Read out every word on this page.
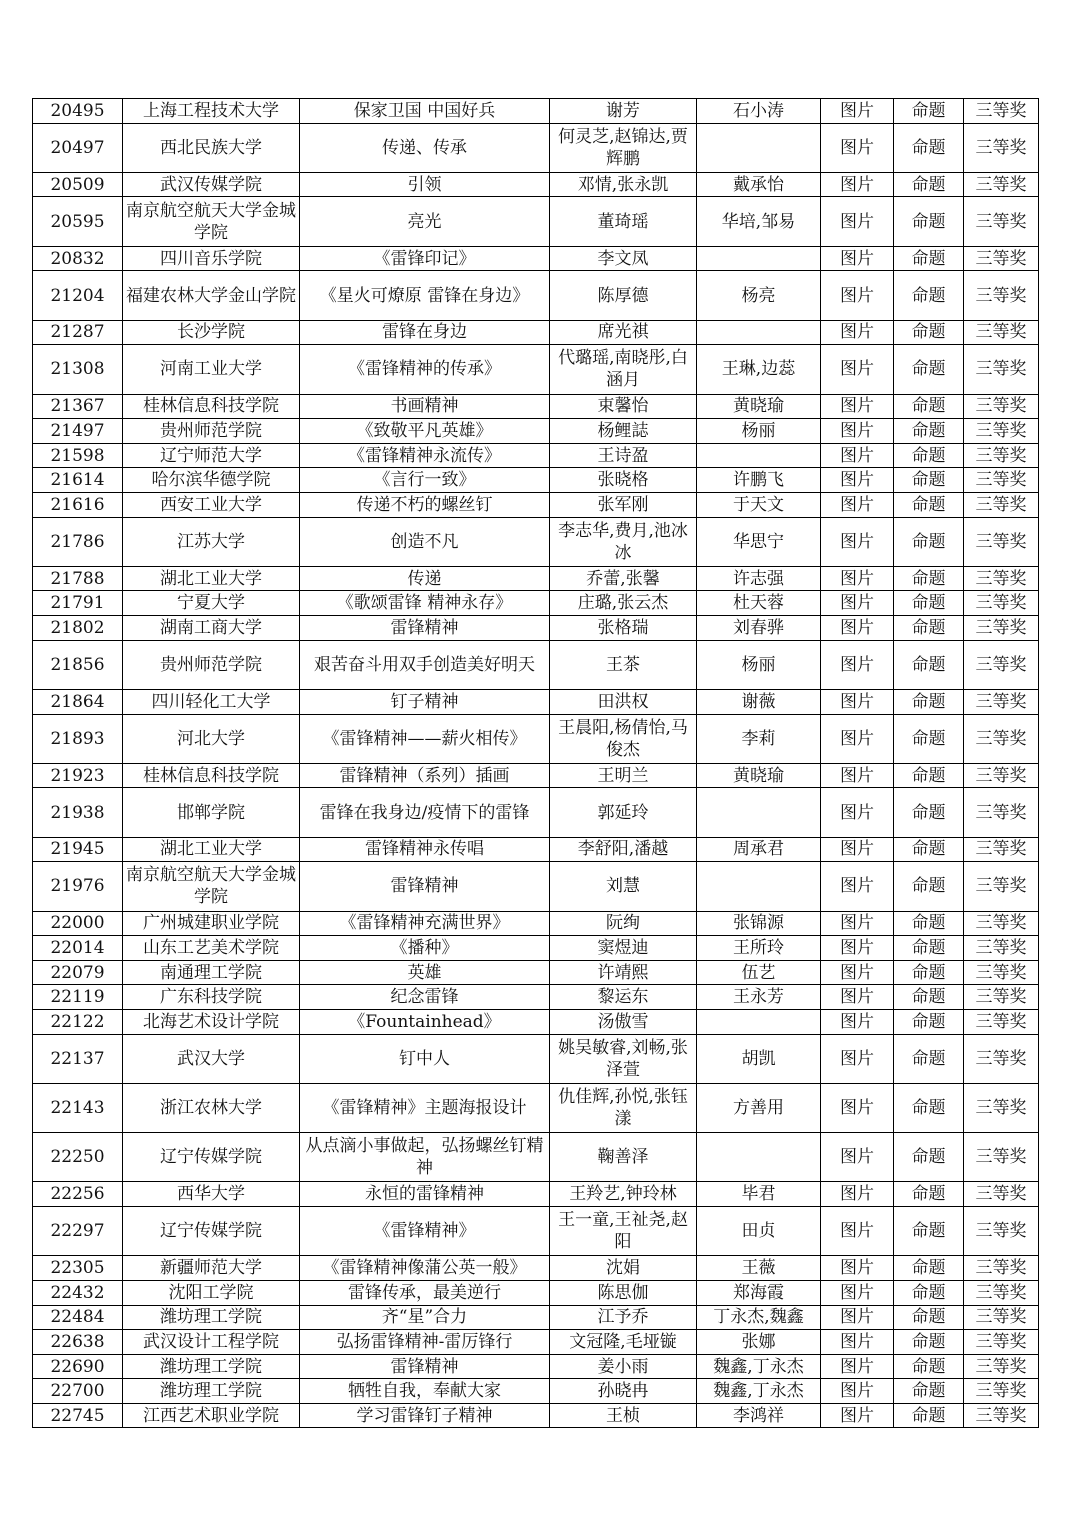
20495	上海工程技术大学	保家卫国 中国好兵	谢芳	石小涛	图片	命题	三等奖
20497	西北民族大学	传递、传承	何灵芝,赵锦达,贾辉鹏		图片	命题	三等奖
20509	武汉传媒学院	引领	邓情,张永凯	戴承怡	图片	命题	三等奖
20595	南京航空航天大学金城学院	亮光	董琦瑶	华培,邹易	图片	命题	三等奖
20832	四川音乐学院	《雷锋印记》	李文凤		图片	命题	三等奖
21204	福建农林大学金山学院	《星火可燎原 雷锋在身边》	陈厚德	杨亮	图片	命题	三等奖
21287	长沙学院	雷锋在身边	席光祺		图片	命题	三等奖
21308	河南工业大学	《雷锋精神的传承》	代璐瑶,南晓彤,白涵月	王琳,边蕊	图片	命题	三等奖
21367	桂林信息科技学院	书画精神	束馨怡	黄晓瑜	图片	命题	三等奖
21497	贵州师范学院	《致敬平凡英雄》	杨鲤誌	杨丽	图片	命题	三等奖
21598	辽宁师范大学	《雷锋精神永流传》	王诗盈		图片	命题	三等奖
21614	哈尔滨华德学院	《言行一致》	张晓格	许鹏飞	图片	命题	三等奖
21616	西安工业大学	传递不朽的螺丝钉	张军刚	于天文	图片	命题	三等奖
21786	江苏大学	创造不凡	李志华,费月,池冰冰	华思宁	图片	命题	三等奖
21788	湖北工业大学	传递	乔蕾,张馨	许志强	图片	命题	三等奖
21791	宁夏大学	《歌颂雷锋 精神永存》	庄璐,张云杰	杜天蓉	图片	命题	三等奖
21802	湖南工商大学	雷锋精神	张格瑞	刘春骅	图片	命题	三等奖
21856	贵州师范学院	艰苦奋斗用双手创造美好明天	王茶	杨丽	图片	命题	三等奖
21864	四川轻化工大学	钉子精神	田洪权	谢薇	图片	命题	三等奖
21893	河北大学	《雷锋精神——薪火相传》	王晨阳,杨倩怡,马俊杰	李莉	图片	命题	三等奖
21923	桂林信息科技学院	雷锋精神（系列）插画	王明兰	黄晓瑜	图片	命题	三等奖
21938	邯郸学院	雷锋在我身边/疫情下的雷锋	郭延玲		图片	命题	三等奖
21945	湖北工业大学	雷锋精神永传唱	李舒阳,潘越	周承君	图片	命题	三等奖
21976	南京航空航天大学金城学院	雷锋精神	刘慧		图片	命题	三等奖
22000	广州城建职业学院	《雷锋精神充满世界》	阮绚	张锦源	图片	命题	三等奖
22014	山东工艺美术学院	《播种》	窦煜迪	王所玲	图片	命题	三等奖
22079	南通理工学院	英雄	许靖熙	伍艺	图片	命题	三等奖
22119	广东科技学院	纪念雷锋	黎运东	王永芳	图片	命题	三等奖
22122	北海艺术设计学院	《Fountainhead》	汤傲雪		图片	命题	三等奖
22137	武汉大学	钉中人	姚吴敏睿,刘畅,张泽萱	胡凯	图片	命题	三等奖
22143	浙江农林大学	《雷锋精神》主题海报设计	仇佳辉,孙悦,张钰漾	方善用	图片	命题	三等奖
22250	辽宁传媒学院	从点滴小事做起，弘扬螺丝钉精神	鞠善泽		图片	命题	三等奖
22256	西华大学	永恒的雷锋精神	王羚艺,钟玲林	毕君	图片	命题	三等奖
22297	辽宁传媒学院	《雷锋精神》	王一童,王祉尧,赵阳	田贞	图片	命题	三等奖
22305	新疆师范大学	《雷锋精神像蒲公英一般》	沈娟	王薇	图片	命题	三等奖
22432	沈阳工学院	雷锋传承，最美逆行	陈思伽	郑海霞	图片	命题	三等奖
22484	潍坊理工学院	齐“星”合力	江予乔	丁永杰,魏鑫	图片	命题	三等奖
22638	武汉设计工程学院	弘扬雷锋精神-雷厉锋行	文冠隆,毛垭镟	张娜	图片	命题	三等奖
22690	潍坊理工学院	雷锋精神	姜小雨	魏鑫,丁永杰	图片	命题	三等奖
22700	潍坊理工学院	牺牲自我，奉献大家	孙晓冉	魏鑫,丁永杰	图片	命题	三等奖
22745	江西艺术职业学院	学习雷锋钉子精神	王桢	李鸿祥	图片	命题	三等奖
